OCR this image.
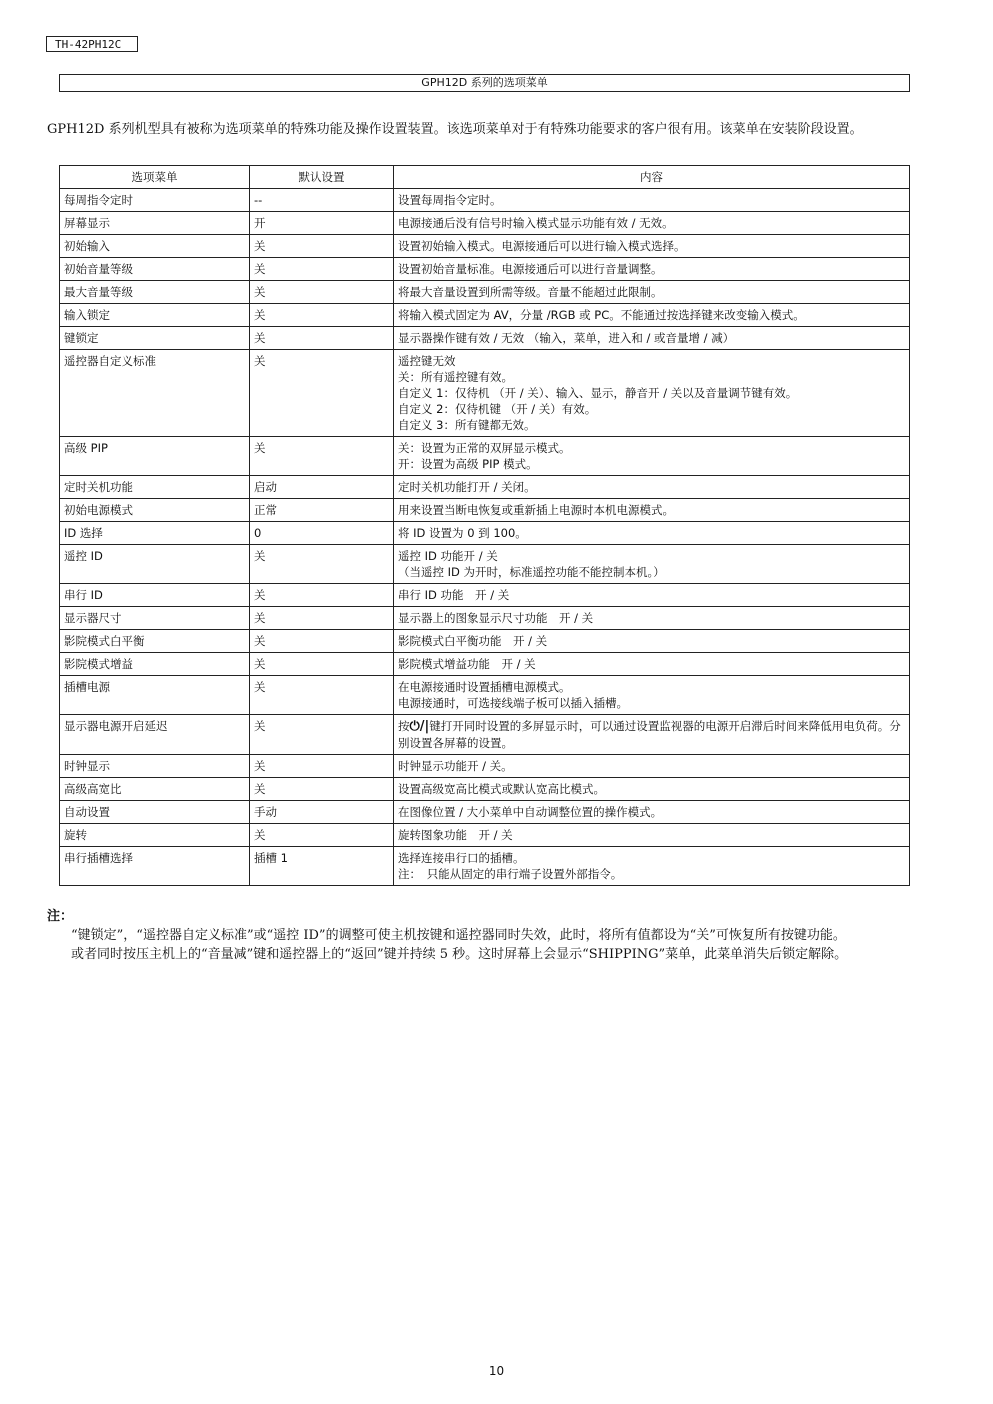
TH-42PH12C
GPH12D 系列的选项菜单
GPH12D 系列机型具有被称为选项菜单的特殊功能及操作设置装置。该选项菜单对于有特殊功能要求的客户很有用。该菜单在安装阶段设置。
选项菜单	默认设置	内容
每周指令定时	--	设置每周指令定时。

屏幕显示	开	电源接通后没有信号时输入模式显示功能有效 / 无效。

初始输入	关	设置初始输入模式。电源接通后可以进行输入模式选择。

初始音量等级	关	设置初始音量标准。电源接通后可以进行音量调整。

最大音量等级	关	将最大音量设置到所需等级。音量不能超过此限制。

输入锁定	关	将输入模式固定为 AV，分量 /RGB 或 PC。不能通过按选择键来改变输入模式。

键锁定	关	显示器操作键有效 / 无效 （输入，菜单，进入和 / 或音量增 / 减）

遥控器自定义标准	关	遥控键无效
关：所有遥控键有效。
自定义 1：仅待机 （开 / 关）、输入、显示，静音开 / 关以及音量调节键有效。
自定义 2：仅待机键 （开 / 关）有效。
自定义 3：所有键都无效。

高级 PIP	关	关：设置为正常的双屏显示模式。
开：设置为高级 PIP 模式。

定时关机功能	启动	定时关机功能打开 / 关闭。

初始电源模式	正常	用来设置当断电恢复或重新插上电源时本机电源模式。

ID 选择	0	将 ID 设置为 0 到 100。

遥控 ID	关	遥控 ID 功能开 / 关
（当遥控 ID 为开时，标准遥控功能不能控制本机。）

串行 ID	关	串行 ID 功能　开 / 关

显示器尺寸	关	显示器上的图象显示尺寸功能　开 / 关

影院模式白平衡	关	影院模式白平衡功能　开 / 关

影院模式增益	关	影院模式增益功能　开 / 关

插槽电源	关	在电源接通时设置插槽电源模式。
电源接通时，可选接线端子板可以插入插槽。

显示器电源开启延迟	关	按⏻/|键打开同时设置的多屏显示时，可以通过设置监视器的电源开启滞后时间来降低用电负荷。分别设置各屏幕的设置。

时钟显示	关	时钟显示功能开 / 关。

高级高宽比	关	设置高级宽高比模式或默认宽高比模式。

自动设置	手动	在图像位置 / 大小菜单中自动调整位置的操作模式。

旋转	关	旋转图象功能　开 / 关

串行插槽选择	插槽 1	选择连接串行口的插槽。
注：　只能从固定的串行端子设置外部指令。
注：

“键锁定”，“遥控器自定义标准”或“遥控 ID”的调整可使主机按键和遥控器同时失效，此时，将所有值都设为“关”可恢复所有按键功能。

或者同时按压主机上的“音量减”键和遥控器上的“返回”键并持续 5 秒。这时屏幕上会显示“SHIPPING”菜单，此菜单消失后锁定解除。

10
